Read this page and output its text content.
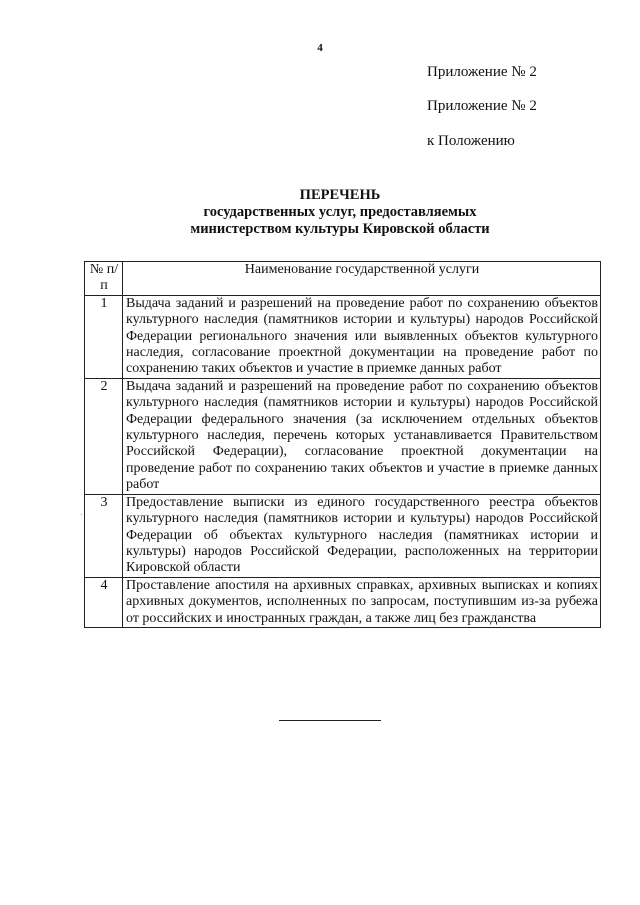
4
Приложение № 2
Приложение № 2
к Положению
ПЕРЕЧЕНЬ
государственных услуг, предоставляемых
министерством культуры Кировской области
№ п/п	Наименование государственной услуги
1	Выдача заданий и разрешений на проведение работ по сохранению объектов культурного наследия (памятников истории и культуры) народов Российской Федерации регионального значения или выявленных объектов культурного наследия, согласование проектной документации на проведение работ по сохранению таких объектов и участие в приемке данных работ
2	Выдача заданий и разрешений на проведение работ по сохранению объектов культурного наследия (памятников истории и культуры) народов Российской Федерации федерального значения (за исключением отдельных объектов культурного наследия, перечень которых устанавливается Правительством Российской Федерации), согласование проектной документации на проведение работ по сохранению таких объектов и участие в приемке данных работ
3	Предоставление выписки из единого государственного реестра объектов культурного наследия (памятников истории и культуры) народов Российской Федерации об объектах культурного наследия (памятниках истории и культуры) народов Российской Федерации, расположенных на территории Кировской области
4	Проставление апостиля на архивных справках, архивных выписках и копиях архивных документов, исполненных по запросам, поступившим из-за рубежа от российских и иностранных граждан, а также лиц без гражданства
